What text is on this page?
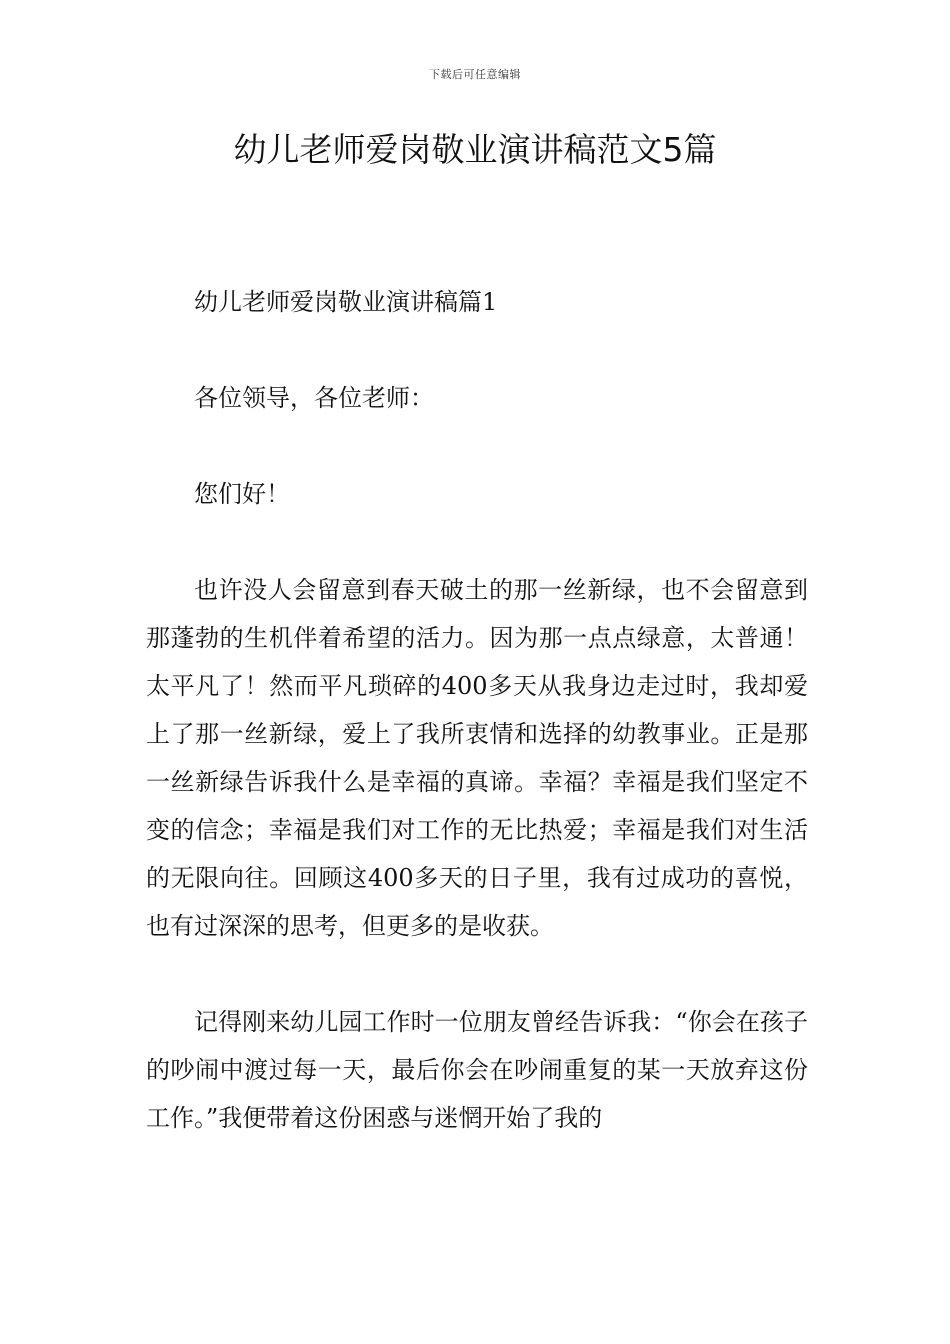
下载后可任意编辑
幼儿老师爱岗敬业演讲稿范文5篇

幼儿老师爱岗敬业演讲稿篇1

各位领导，各位老师：

您们好！

也许没人会留意到春天破土的那一丝新绿，也不会留意到那蓬勃的生机伴着希望的活力。因为那一点点绿意，太普通！太平凡了！然而平凡琐碎的400多天从我身边走过时，我却爱上了那一丝新绿，爱上了我所衷情和选择的幼教事业。正是那一丝新绿告诉我什么是幸福的真谛。幸福？幸福是我们坚定不变的信念；幸福是我们对工作的无比热爱；幸福是我们对生活的无限向往。回顾这400多天的日子里，我有过成功的喜悦，也有过深深的思考，但更多的是收获。

记得刚来幼儿园工作时一位朋友曾经告诉我：“你会在孩子的吵闹中渡过每一天，最后你会在吵闹重复的某一天放弃这份工作。”我便带着这份困惑与迷惘开始了我的
